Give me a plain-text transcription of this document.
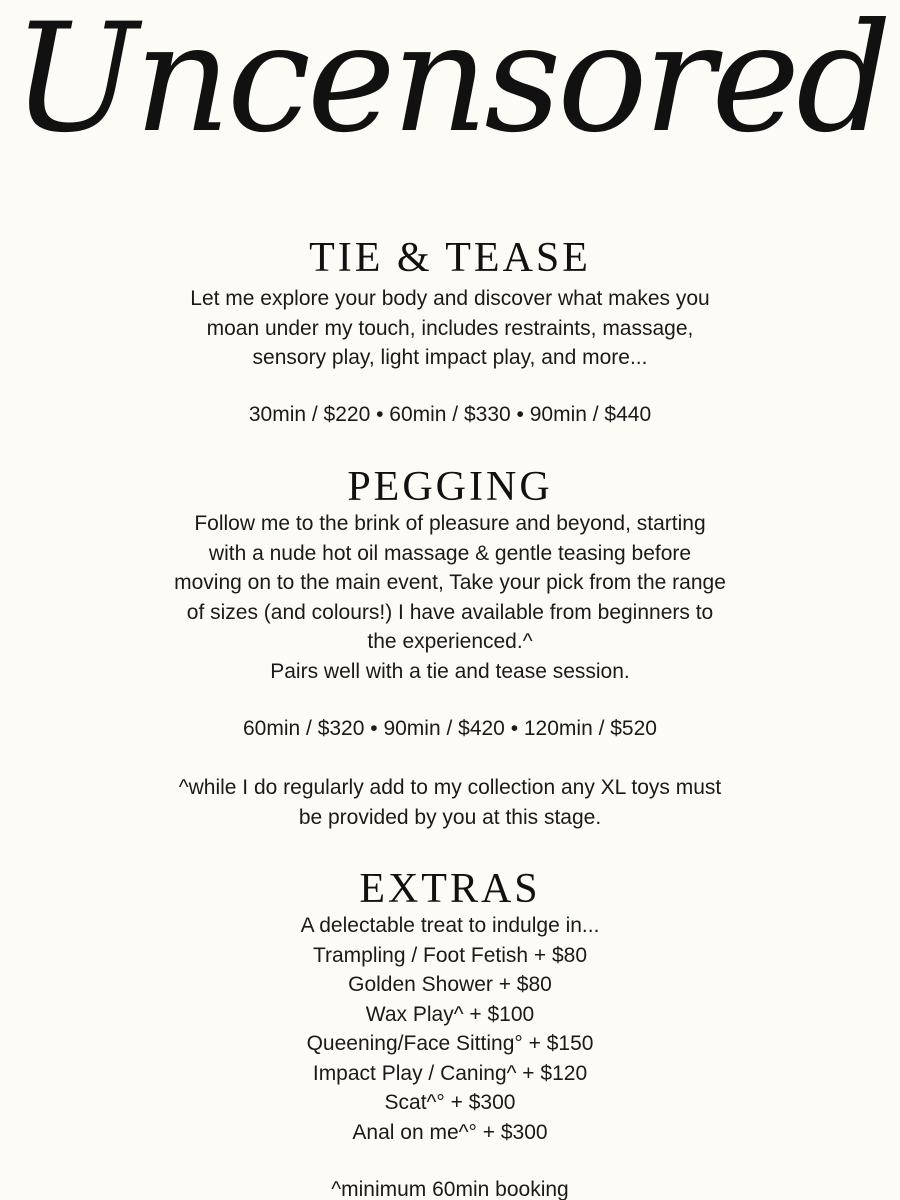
Uncensored
TIE & TEASE
Let me explore your body and discover what makes you
moan under my touch, includes restraints, massage,
sensory play, light impact play, and more...
30min / $220 • 60min / $330 • 90min / $440
PEGGING
Follow me to the brink of pleasure and beyond, starting
with a nude hot oil massage & gentle teasing before
moving on to the main event, Take your pick from the range
of sizes (and colours!) I have available from beginners to
the experienced.^
Pairs well with a tie and tease session.
60min / $320 • 90min / $420 • 120min / $520
^while I do regularly add to my collection any XL toys must
be provided by you at this stage.
EXTRAS
A delectable treat to indulge in...
Trampling / Foot Fetish + $80
Golden Shower + $80
Wax Play^ + $100
Queening/Face Sitting° + $150
Impact Play / Caning^ + $120
Scat^° + $300
Anal on me^° + $300
^minimum 60min booking
